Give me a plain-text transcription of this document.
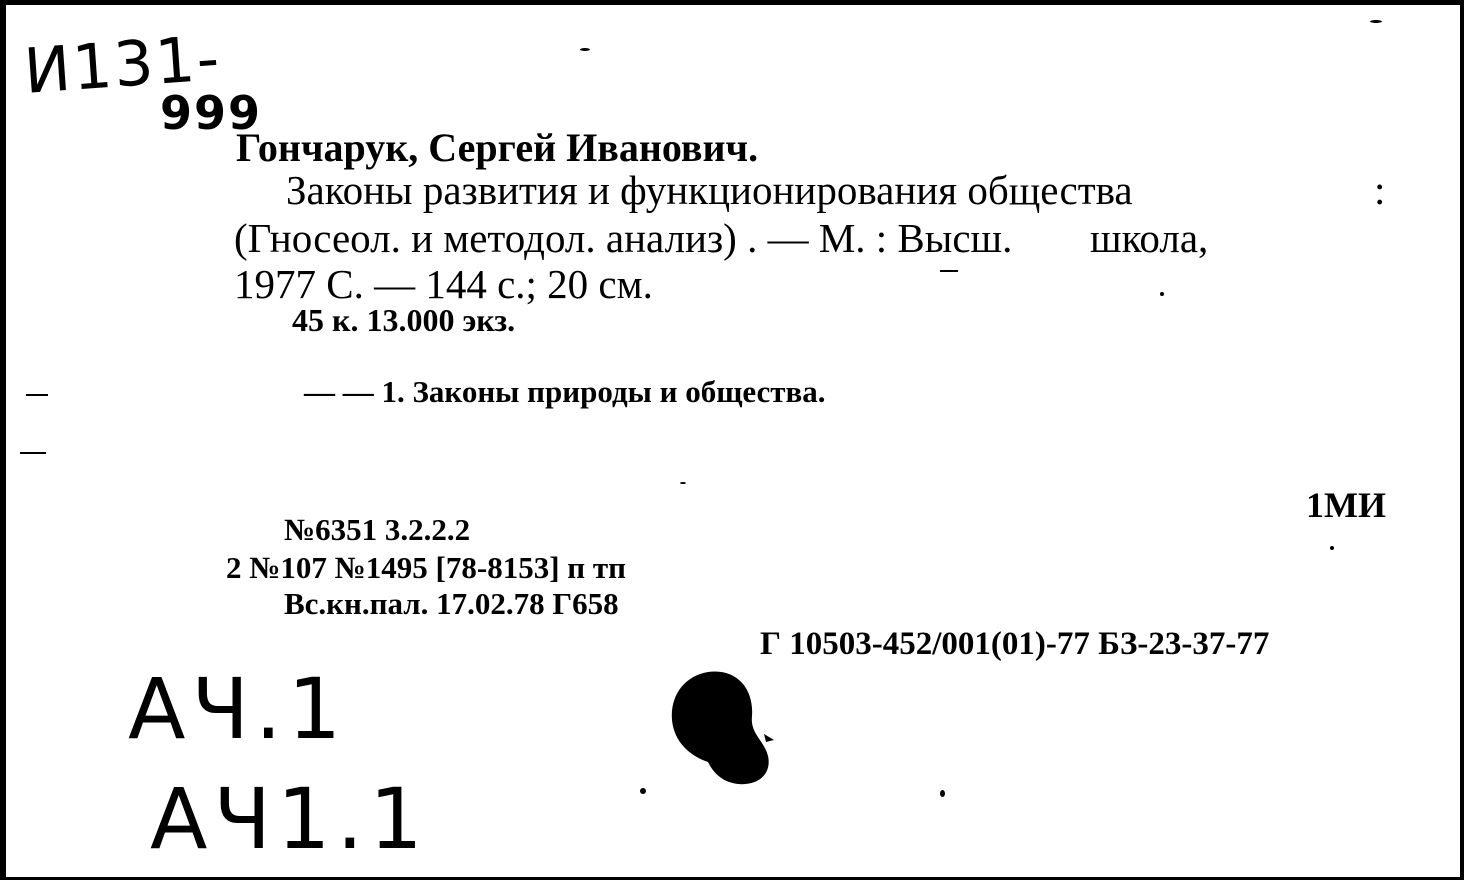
И131-
999
Гончарук, Сергей Иванович.
Законы развития и функционирования общества	:
(Гносеол. и методол. анализ) . — М. : Высш. школа,
1977 С. — 144 с.; 20 см.
45 к. 13.000 экз.
— — 1. Законы природы и общества.
1МИ
№6351 3.2.2.2
2 №107 №1495 [78-8153] п тп
Вс.кн.пал. 17.02.78 Г658
Г 10503-452/001(01)-77 БЗ-23-37-77
АЧ.1
АЧ1.1
